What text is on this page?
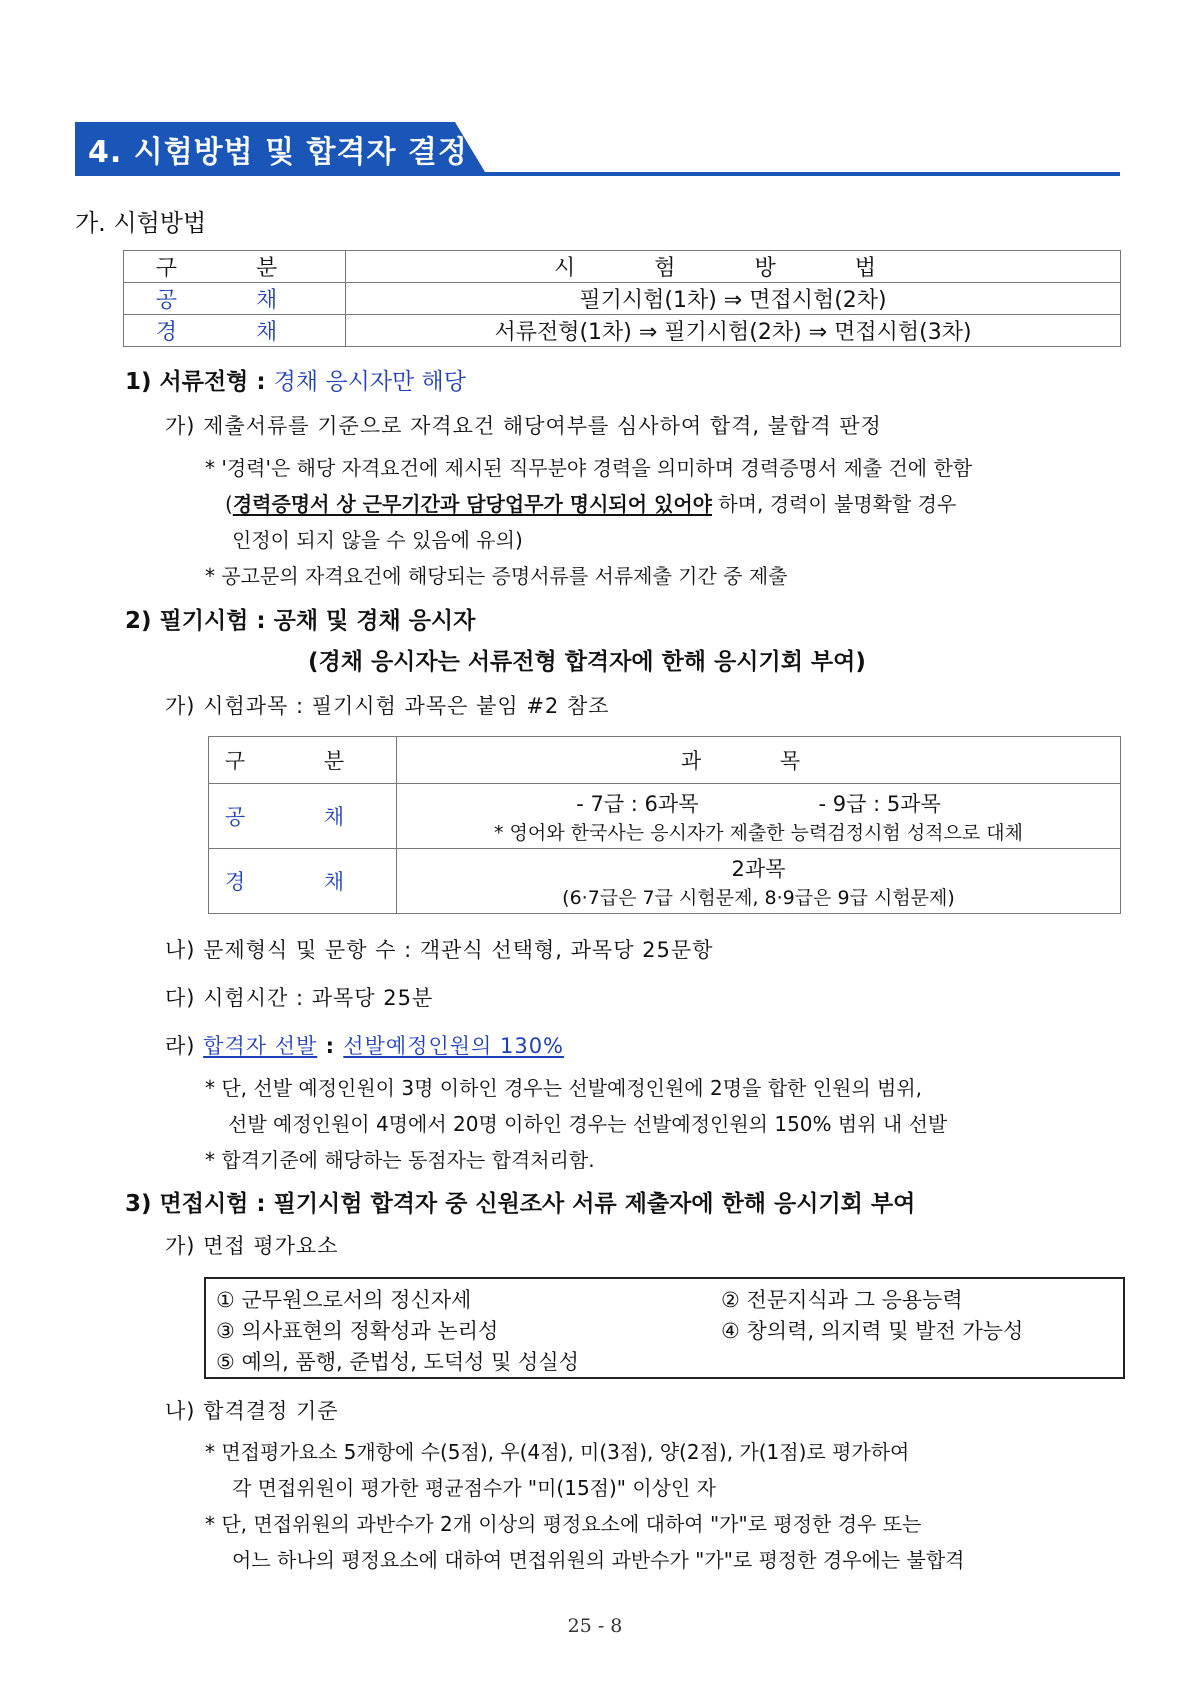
4. 시험방법 및 합격자 결정
가. 시험방법
구 분	시 험 방 법
공 채	필기시험(1차) ⇒ 면접시험(2차)
경 채	서류전형(1차) ⇒ 필기시험(2차) ⇒ 면접시험(3차)
1) 서류전형 : 경채 응시자만 해당
가) 제출서류를 기준으로 자격요건 해당여부를 심사하여 합격, 불합격 판정
* '경력'은 해당 자격요건에 제시된 직무분야 경력을 의미하며 경력증명서 제출 건에 한함
(경력증명서 상 근무기간과 담당업무가 명시되어 있어야 하며, 경력이 불명확할 경우
인정이 되지 않을 수 있음에 유의)
* 공고문의 자격요건에 해당되는 증명서류를 서류제출 기간 중 제출
2) 필기시험 : 공채 및 경채 응시자
(경채 응시자는 서류전형 합격자에 한해 응시기회 부여)
가) 시험과목 : 필기시험 과목은 붙임 #2 참조
구 분	과 목
공 채	- 7급 : 6과목 - 9급 : 5과목
* 영어와 한국사는 응시자가 제출한 능력검정시험 성적으로 대체

경 채	2과목
(6·7급은 7급 시험문제, 8·9급은 9급 시험문제)
나) 문제형식 및 문항 수 : 객관식 선택형, 과목당 25문항
다) 시험시간 : 과목당 25분
라) 합격자 선발 : 선발예정인원의 130%
* 단, 선발 예정인원이 3명 이하인 경우는 선발예정인원에 2명을 합한 인원의 범위,
선발 예정인원이 4명에서 20명 이하인 경우는 선발예정인원의 150% 범위 내 선발
* 합격기준에 해당하는 동점자는 합격처리함.
3) 면접시험 : 필기시험 합격자 중 신원조사 서류 제출자에 한해 응시기회 부여
가) 면접 평가요소
① 군무원으로서의 정신자세	② 전문지식과 그 응용능력
③ 의사표현의 정확성과 논리성	④ 창의력, 의지력 및 발전 가능성
⑤ 예의, 품행, 준법성, 도덕성 및 성실성
나) 합격결정 기준
* 면접평가요소 5개항에 수(5점), 우(4점), 미(3점), 양(2점), 가(1점)로 평가하여
각 면접위원이 평가한 평균점수가 "미(15점)" 이상인 자
* 단, 면접위원의 과반수가 2개 이상의 평정요소에 대하여 "가"로 평정한 경우 또는
어느 하나의 평정요소에 대하여 면접위원의 과반수가 "가"로 평정한 경우에는 불합격
25 - 8
